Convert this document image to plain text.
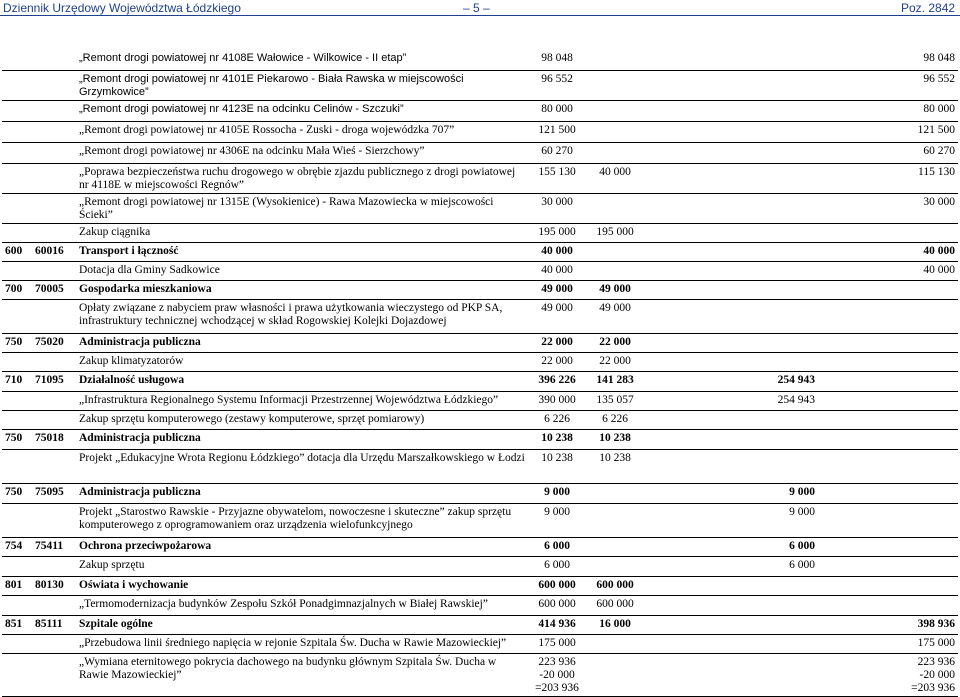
Dziennik Urzędowy Województwa Łódzkiego	– 5 –	Poz. 2842
		„Remont drogi powiatowej nr 4108E Wałowice - Wilkowice - II etap”	98 048			98 048
		„Remont drogi powiatowej nr 4101E Piekarowo - Biała Rawska w miejscowości Grzymkowice”	96 552			96 552
		„Remont drogi powiatowej nr 4123E na odcinku Celinów - Szczuki”	80 000			80 000
		„Remont drogi powiatowej nr 4105E Rossocha - Zuski - droga wojewódzka 707”	121 500			121 500
		„Remont drogi powiatowej nr 4306E na odcinku Mała Wieś - Sierzchowy”	60 270			60 270
		„Poprawa bezpieczeństwa ruchu drogowego w obrębie zjazdu publicznego z drogi powiatowej nr 4118E w miejscowości Regnów”	155 130	40 000		115 130
		„Remont drogi powiatowej nr 1315E (Wysokienice) - Rawa Mazowiecka w miejscowości Ścieki”	30 000			30 000
		Zakup ciągnika	195 000	195 000		
600	60016	Transport i łączność	40 000			40 000
		Dotacja dla Gminy Sadkowice	40 000			40 000
700	70005	Gospodarka mieszkaniowa	49 000	49 000		
		Opłaty związane z nabyciem praw własności i prawa użytkowania wieczystego od PKP SA, infrastruktury technicznej wchodzącej w skład Rogowskiej Kolejki Dojazdowej	49 000	49 000		
750	75020	Administracja publiczna	22 000	22 000		
		Zakup klimatyzatorów	22 000	22 000		
710	71095	Działalność usługowa	396 226	141 283	254 943	
		„Infrastruktura Regionalnego Systemu Informacji Przestrzennej Województwa Łódzkiego”	390 000	135 057	254 943	
		Zakup sprzętu komputerowego (zestawy komputerowe, sprzęt pomiarowy)	6 226	6 226		
750	75018	Administracja publiczna	10 238	10 238		
		Projekt „Edukacyjne Wrota Regionu Łódzkiego” dotacja dla Urzędu Marszałkowskiego w Łodzi	10 238	10 238		
750	75095	Administracja publiczna	9 000		9 000	
		Projekt „Starostwo Rawskie - Przyjazne obywatelom, nowoczesne i skuteczne” zakup sprzętu komputerowego z oprogramowaniem oraz urządzenia wielofunkcyjnego	9 000		9 000	
754	75411	Ochrona przeciwpożarowa	6 000		6 000	
		Zakup sprzętu	6 000		6 000	
801	80130	Oświata i wychowanie	600 000	600 000		
		„Termomodernizacja budynków Zespołu Szkół Ponadgimnazjalnych w Białej Rawskiej”	600 000	600 000		
851	85111	Szpitale ogólne	414 936	16 000		398 936
		„Przebudowa linii średniego napięcia w rejonie Szpitala Św. Ducha w Rawie Mazowieckiej”	175 000			175 000
		„Wymiana eternitowego pokrycia dachowego na budynku głównym Szpitala Św. Ducha w Rawie Mazowieckiej”	223 936
-20 000
=203 936			223 936
-20 000
=203 936
